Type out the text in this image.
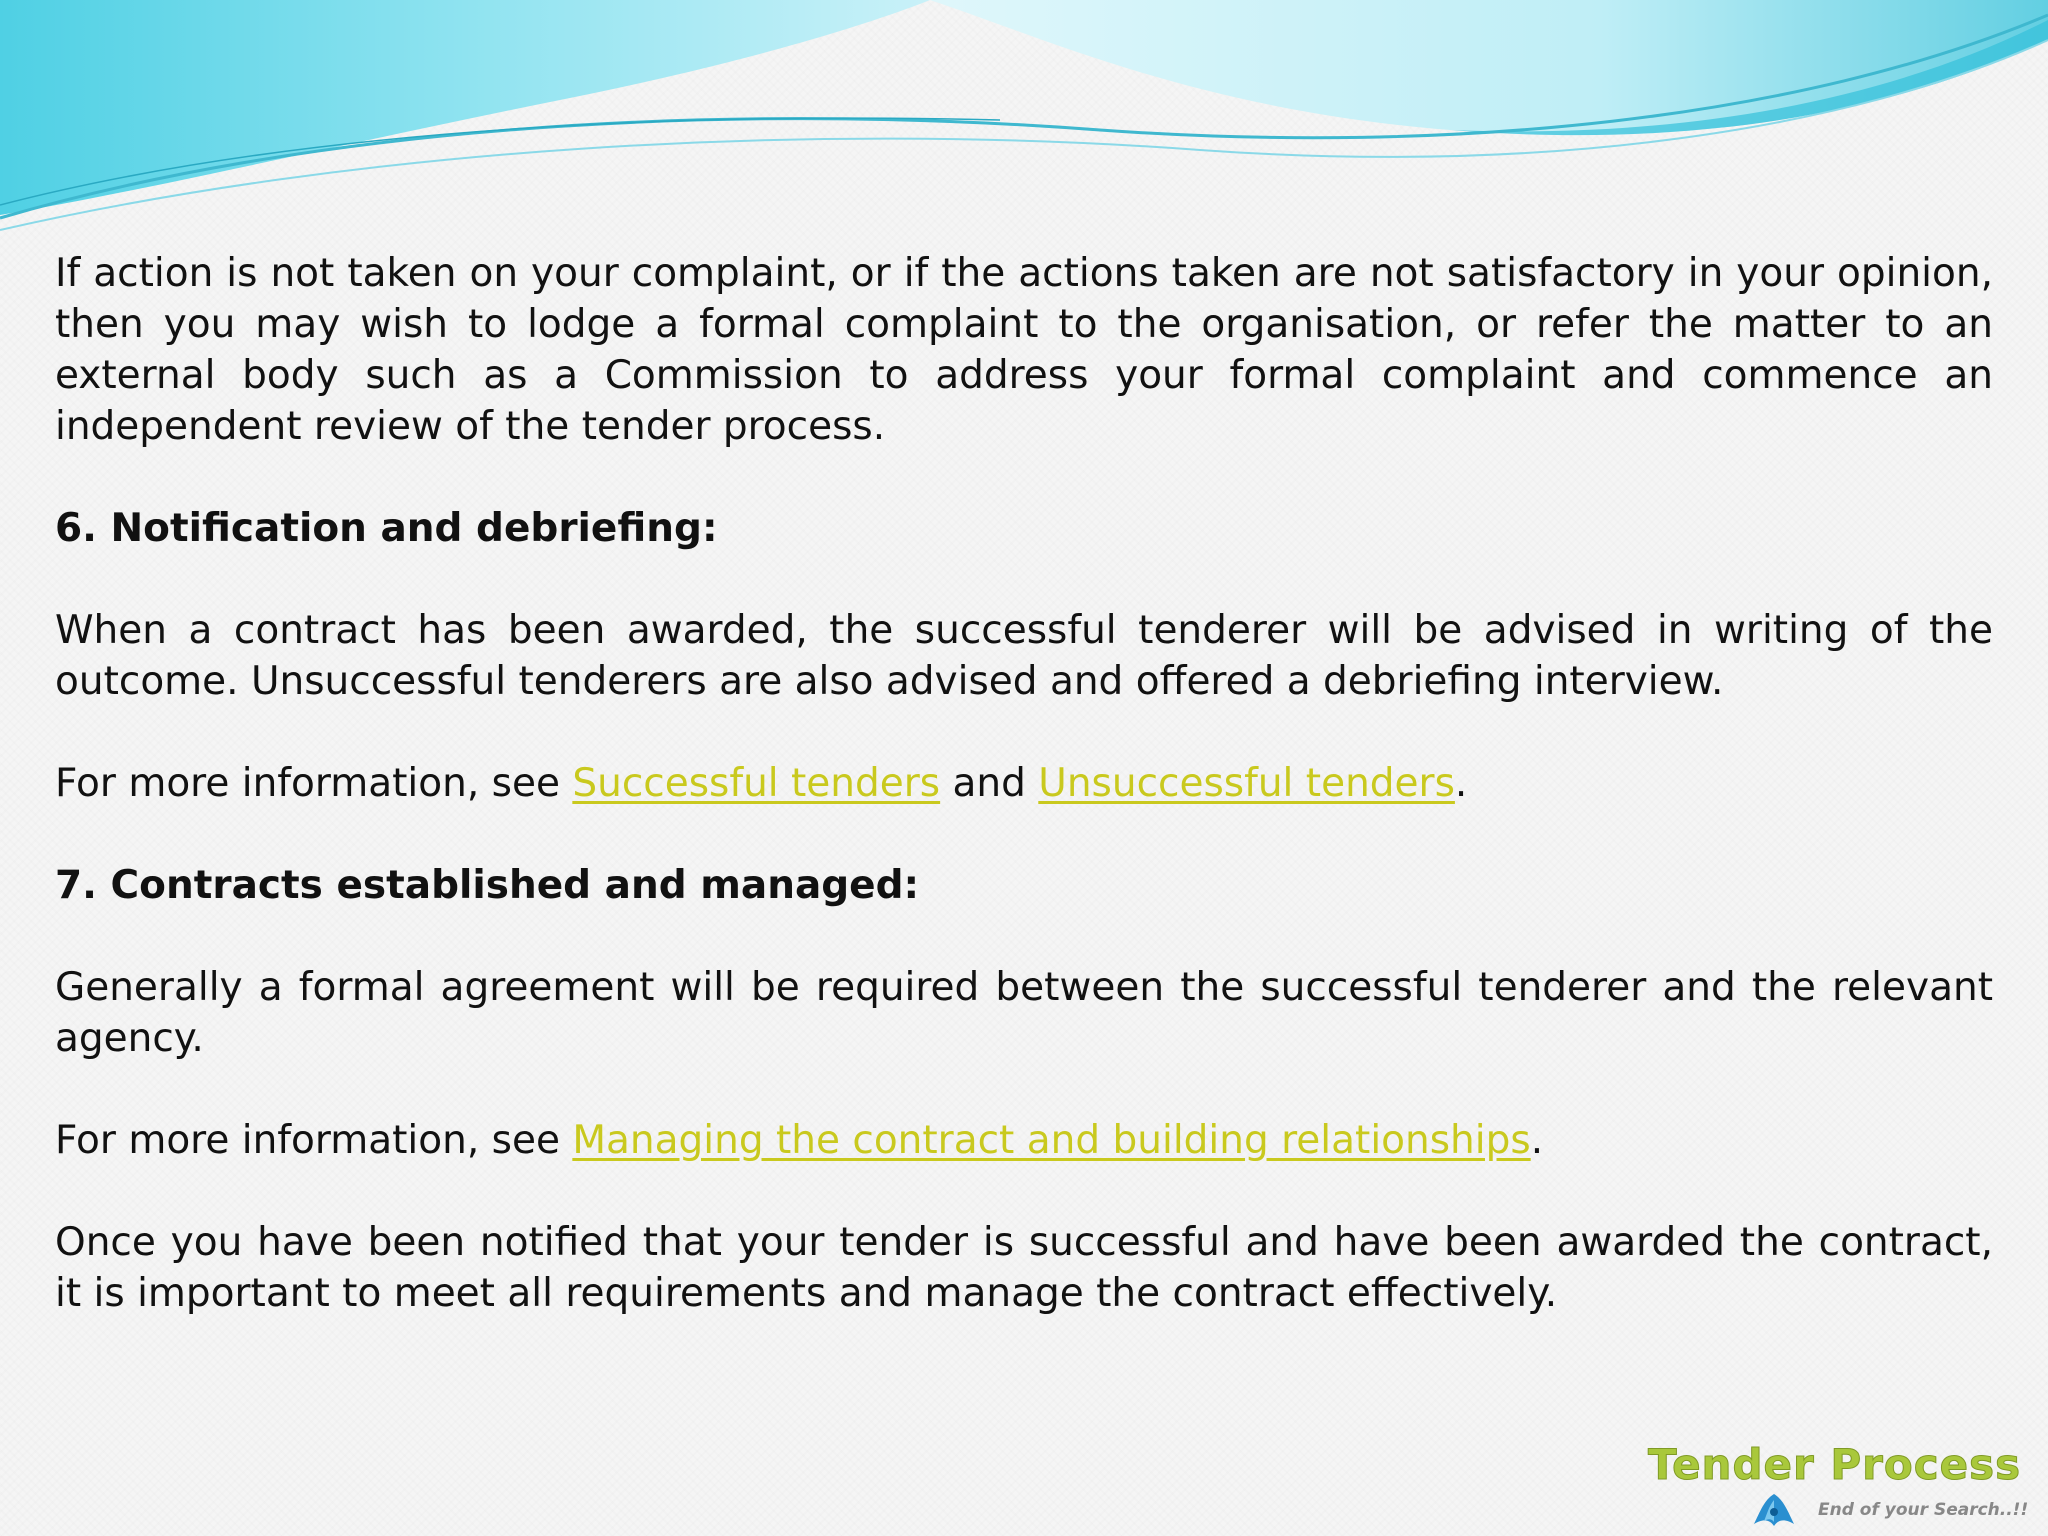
If action is not taken on your complaint, or if the actions taken are not satisfactory in your opinion, then you may wish to lodge a formal complaint to the organisation, or refer the matter to an external body such as a Commission to address your formal complaint and commence an independent review of the tender process.

6. Notification and debriefing:

When a contract has been awarded, the successful tenderer will be advised in writing of the outcome. Unsuccessful tenderers are also advised and offered a debriefing interview.

For more information, see Successful tenders and Unsuccessful tenders.

7. Contracts established and managed:

Generally a formal agreement will be required between the successful tenderer and the relevant agency.

For more information, see Managing the contract and building relationships.

Once you have been notified that your tender is successful and have been awarded the contract, it is important to meet all requirements and manage the contract effectively.

Tender Process
End of your Search..!!
